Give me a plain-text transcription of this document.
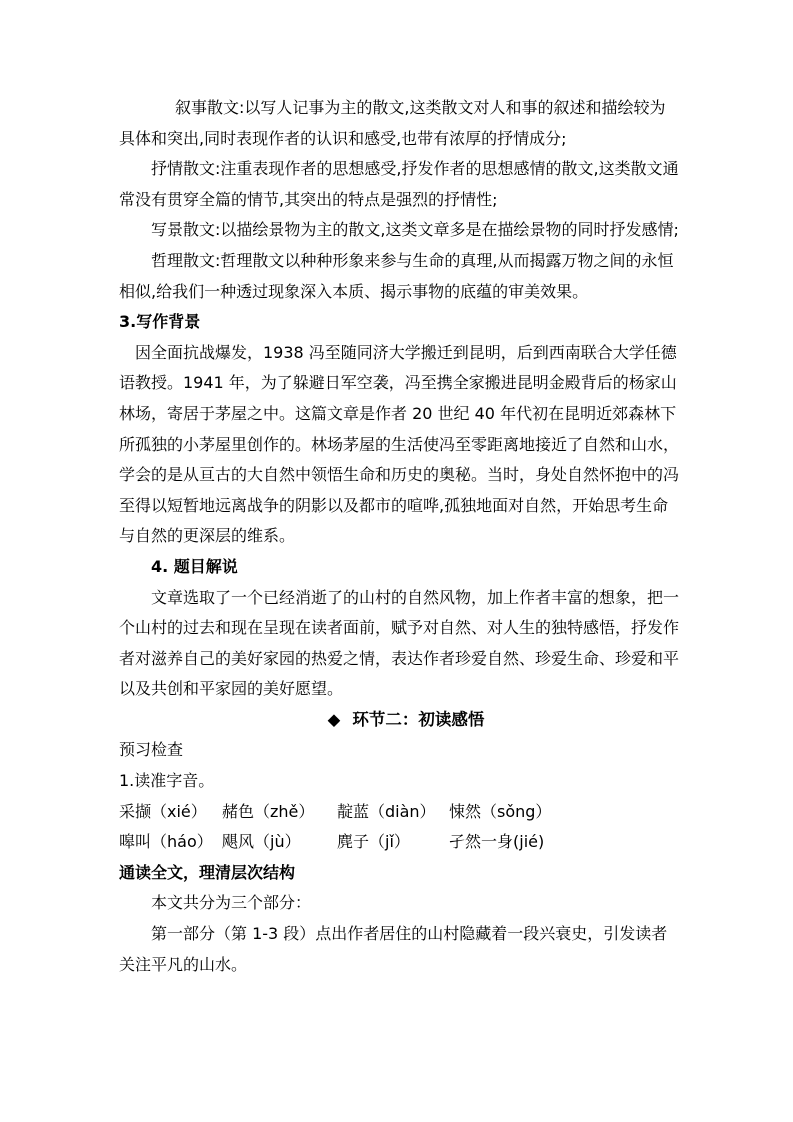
叙事散文:以写人记事为主的散文,这类散文对人和事的叙述和描绘较为具体和突出,同时表现作者的认识和感受,也带有浓厚的抒情成分;

抒情散文:注重表现作者的思想感受,抒发作者的思想感情的散文,这类散文通常没有贯穿全篇的情节,其突出的特点是强烈的抒情性;

写景散文:以描绘景物为主的散文,这类文章多是在描绘景物的同时抒发感情;

哲理散文:哲理散文以种种形象来参与生命的真理,从而揭露万物之间的永恒相似,给我们一种透过现象深入本质、揭示事物的底蕴的审美效果。

3.写作背景

因全面抗战爆发，1938 冯至随同济大学搬迁到昆明，后到西南联合大学任德语教授。1941 年，为了躲避日军空袭，冯至携全家搬进昆明金殿背后的杨家山林场，寄居于茅屋之中。这篇文章是作者 20 世纪 40 年代初在昆明近郊森林下所孤独的小茅屋里创作的。林场茅屋的生活使冯至零距离地接近了自然和山水，学会的是从亘古的大自然中领悟生命和历史的奥秘。当时，身处自然怀抱中的冯至得以短暂地远离战争的阴影以及都市的喧哗,孤独地面对自然，开始思考生命与自然的更深层的维系。

4. 题目解说

文章选取了一个已经消逝了的山村的自然风物，加上作者丰富的想象，把一个山村的过去和现在呈现在读者面前，赋予对自然、对人生的独特感悟，抒发作者对滋养自己的美好家园的热爱之情，表达作者珍爱自然、珍爱生命、珍爱和平以及共创和平家园的美好愿望。

◆ 环节二：初读感悟

预习检查

1.读准字音。

采撷（xié） 赭色（zhě） 靛蓝（diàn） 悚然（sǒng）

嗥叫（háo） 飓风（jù） 麂子（jǐ） 孑然一身(jié)

通读全文，理清层次结构

本文共分为三个部分：

第一部分（第 1-3 段）点出作者居住的山村隐藏着一段兴衰史，引发读者关注平凡的山水。
